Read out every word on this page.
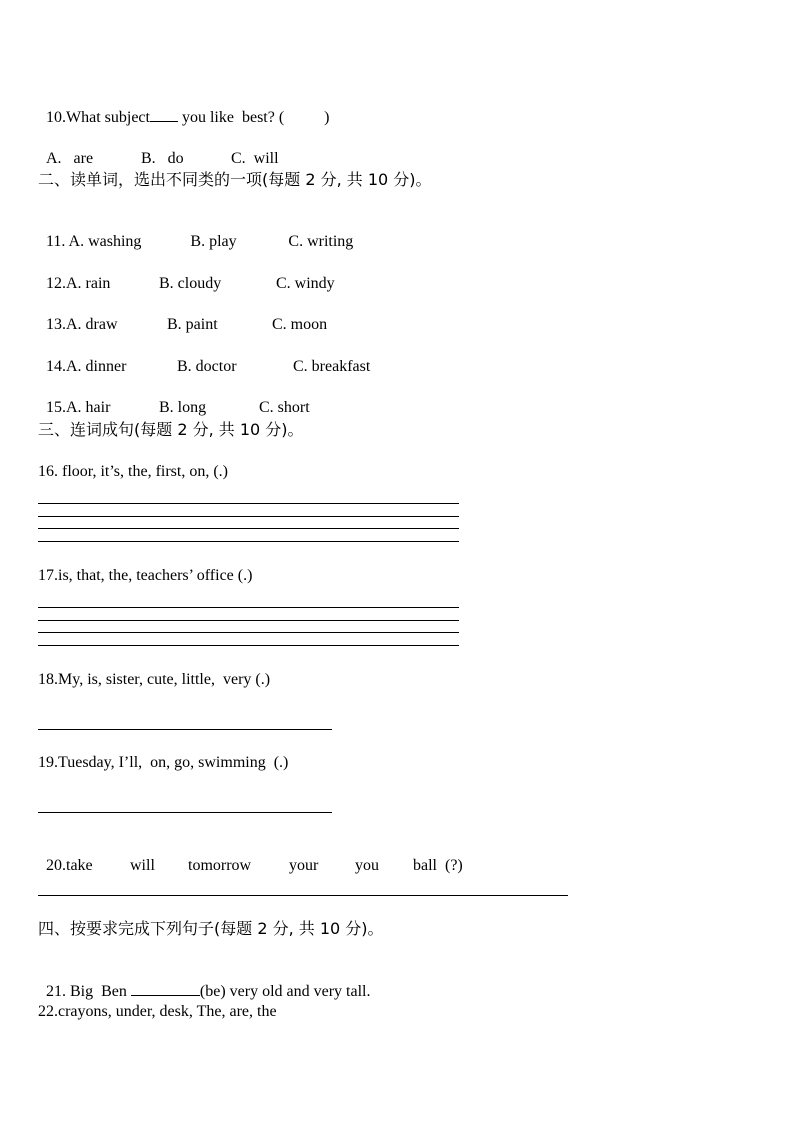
10.What subject you like  best? (          )

A.   are	B.   do	C.  will

二、读单词，选出不同类的一项(每题 2 分, 共 10 分)。

11. A. washing	B. play	C. writing

12.A. rain	B. cloudy	C. windy

13.A. draw	B. paint	C. moon

14.A. dinner	B. doctor	C. breakfast

15.A. hair	B. long	C. short

三、连词成句(每题 2 分, 共 10 分)。
16. floor, it’s, the, first, on, (.)
17.is, that, the, teachers’ office (.)
18.My, is, sister, cute, little,  very (.)
19.Tuesday, I’ll,  on, go, swimming  (.)

20.take will tomorrow your you ball  (?)

四、按要求完成下列句子(每题 2 分, 共 10 分)。

21. Big  Ben	(be) very old and very tall.

22.crayons, under, desk, The, are, the
